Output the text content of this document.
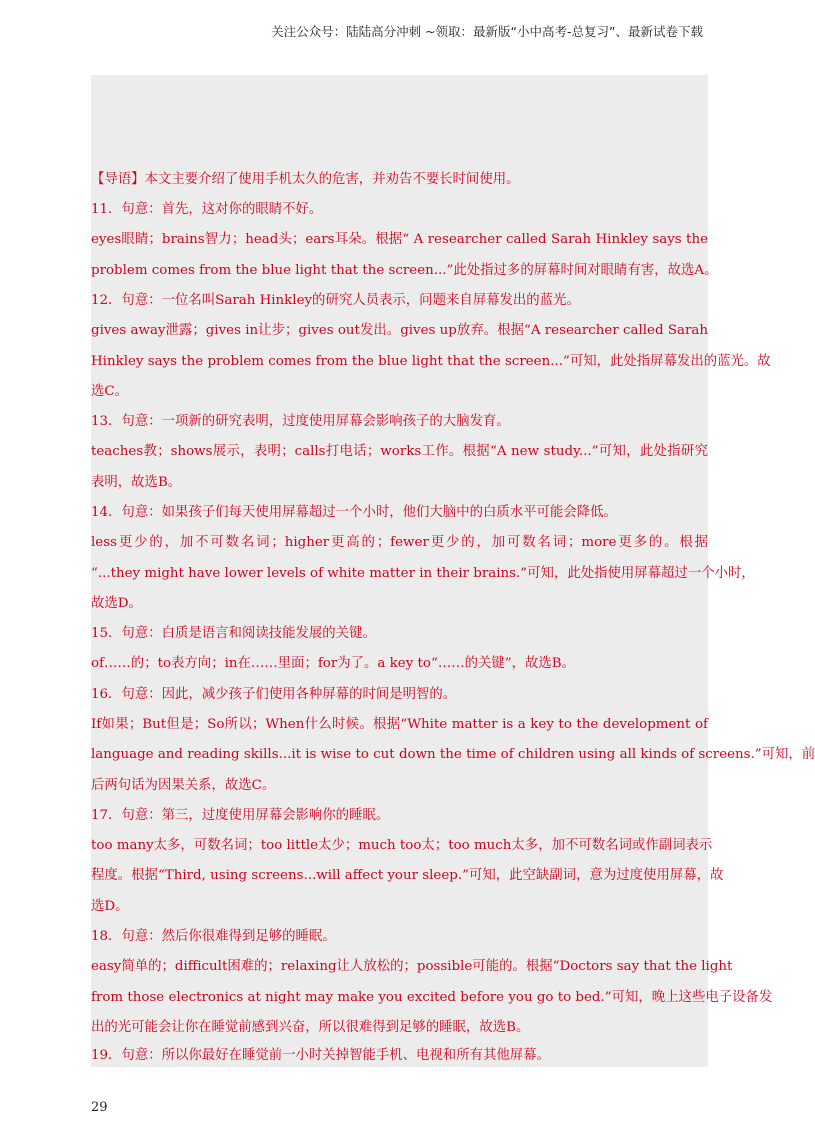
关注公众号：陆陆高分冲刺 ~领取：最新版“小中高考-总复习”、最新试卷下载
【导语】本文主要介绍了使用手机太久的危害，并劝告不要长时间使用。
11．句意：首先，这对你的眼睛不好。
eyes眼睛；brains智力；head头；ears耳朵。根据“ A researcher called Sarah Hinkley says the
problem comes from the blue light that the screen...”此处指过多的屏幕时间对眼睛有害，故选A。
12．句意：一位名叫Sarah Hinkley的研究人员表示，问题来自屏幕发出的蓝光。
gives away泄露；gives in让步；gives out发出。gives up放弃。根据“A researcher called Sarah
Hinkley says the problem comes from the blue light that the screen...”可知，此处指屏幕发出的蓝光。故
选C。
13．句意：一项新的研究表明，过度使用屏幕会影响孩子的大脑发育。
teaches教；shows展示，表明；calls打电话；works工作。根据“A new study...”可知，此处指研究
表明，故选B。
14．句意：如果孩子们每天使用屏幕超过一个小时，他们大脑中的白质水平可能会降低。
less更少的，加不可数名词；higher更高的；fewer更少的，加可数名词；more更多的。根据
“...they might have lower levels of white matter in their brains.”可知，此处指使用屏幕超过一个小时，
故选D。
15．句意：白质是语言和阅读技能发展的关键。
of……的；to表方向；in在……里面；for为了。a key to“……的关键”，故选B。
16．句意：因此，减少孩子们使用各种屏幕的时间是明智的。
If如果；But但是；So所以；When什么时候。根据“White matter is a key to the development of
language and reading skills...it is wise to cut down the time of children using all kinds of screens.”可知，前
后两句话为因果关系，故选C。
17．句意：第三，过度使用屏幕会影响你的睡眠。
too many太多，可数名词；too little太少；much too太；too much太多，加不可数名词或作副词表示
程度。根据“Third, using screens...will affect your sleep.”可知，此空缺副词，意为过度使用屏幕，故
选D。
18．句意：然后你很难得到足够的睡眠。
easy简单的；difficult困难的；relaxing让人放松的；possible可能的。根据“Doctors say that the light
from those electronics at night may make you excited before you go to bed.”可知，晚上这些电子设备发
出的光可能会让你在睡觉前感到兴奋，所以很难得到足够的睡眠，故选B。
19．句意：所以你最好在睡觉前一小时关掉智能手机、电视和所有其他屏幕。
29
